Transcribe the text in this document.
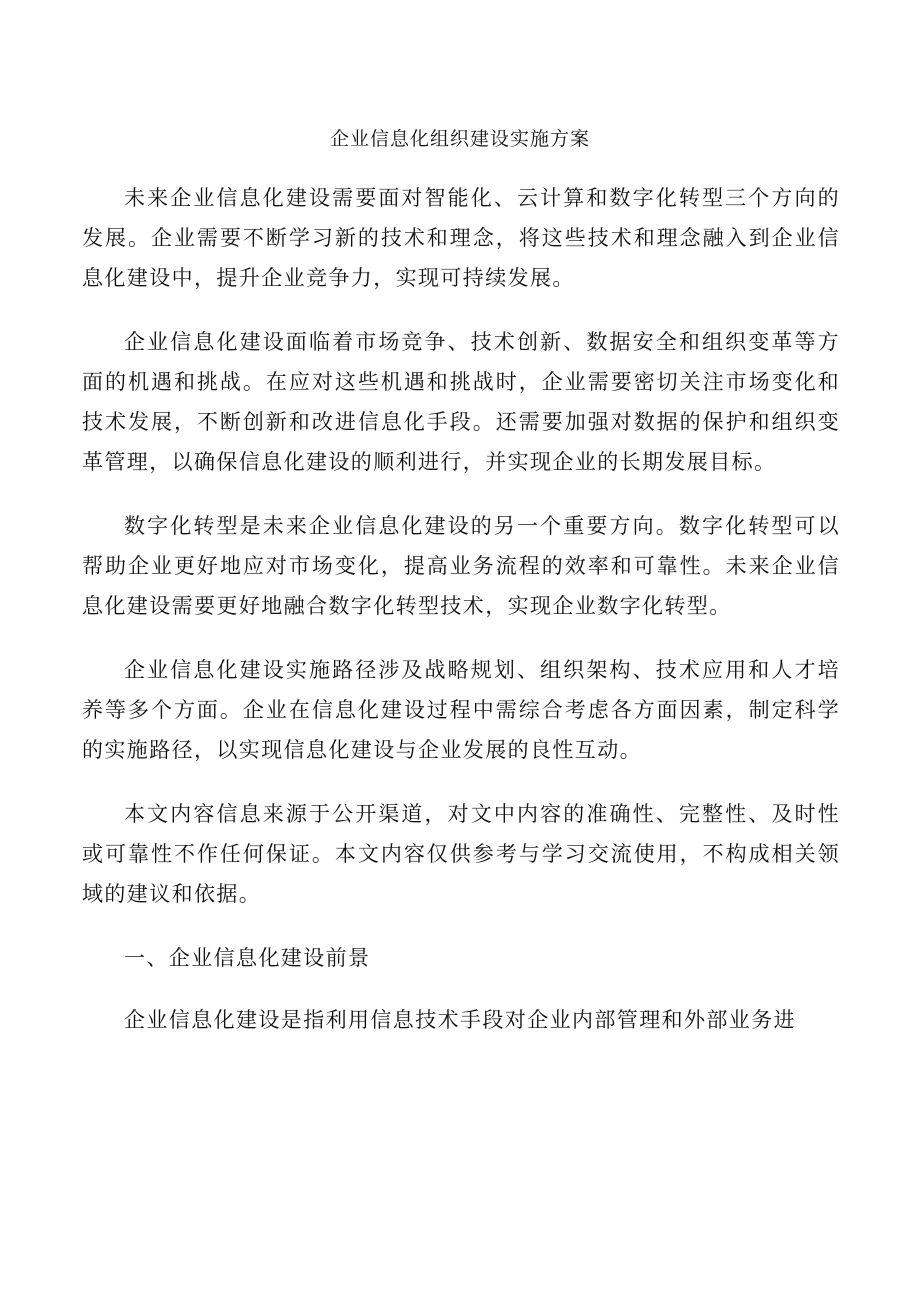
企业信息化组织建设实施方案

未来企业信息化建设需要面对智能化、云计算和数字化转型三个方向的发展。企业需要不断学习新的技术和理念，将这些技术和理念融入到企业信息化建设中，提升企业竞争力，实现可持续发展。

企业信息化建设面临着市场竞争、技术创新、数据安全和组织变革等方面的机遇和挑战。在应对这些机遇和挑战时，企业需要密切关注市场变化和技术发展，不断创新和改进信息化手段。还需要加强对数据的保护和组织变革管理，以确保信息化建设的顺利进行，并实现企业的长期发展目标。

数字化转型是未来企业信息化建设的另一个重要方向。数字化转型可以帮助企业更好地应对市场变化，提高业务流程的效率和可靠性。未来企业信息化建设需要更好地融合数字化转型技术，实现企业数字化转型。

企业信息化建设实施路径涉及战略规划、组织架构、技术应用和人才培养等多个方面。企业在信息化建设过程中需综合考虑各方面因素，制定科学的实施路径，以实现信息化建设与企业发展的良性互动。

本文内容信息来源于公开渠道，对文中内容的准确性、完整性、及时性或可靠性不作任何保证。本文内容仅供参考与学习交流使用，不构成相关领域的建议和依据。

一、企业信息化建设前景

企业信息化建设是指利用信息技术手段对企业内部管理和外部业务进
